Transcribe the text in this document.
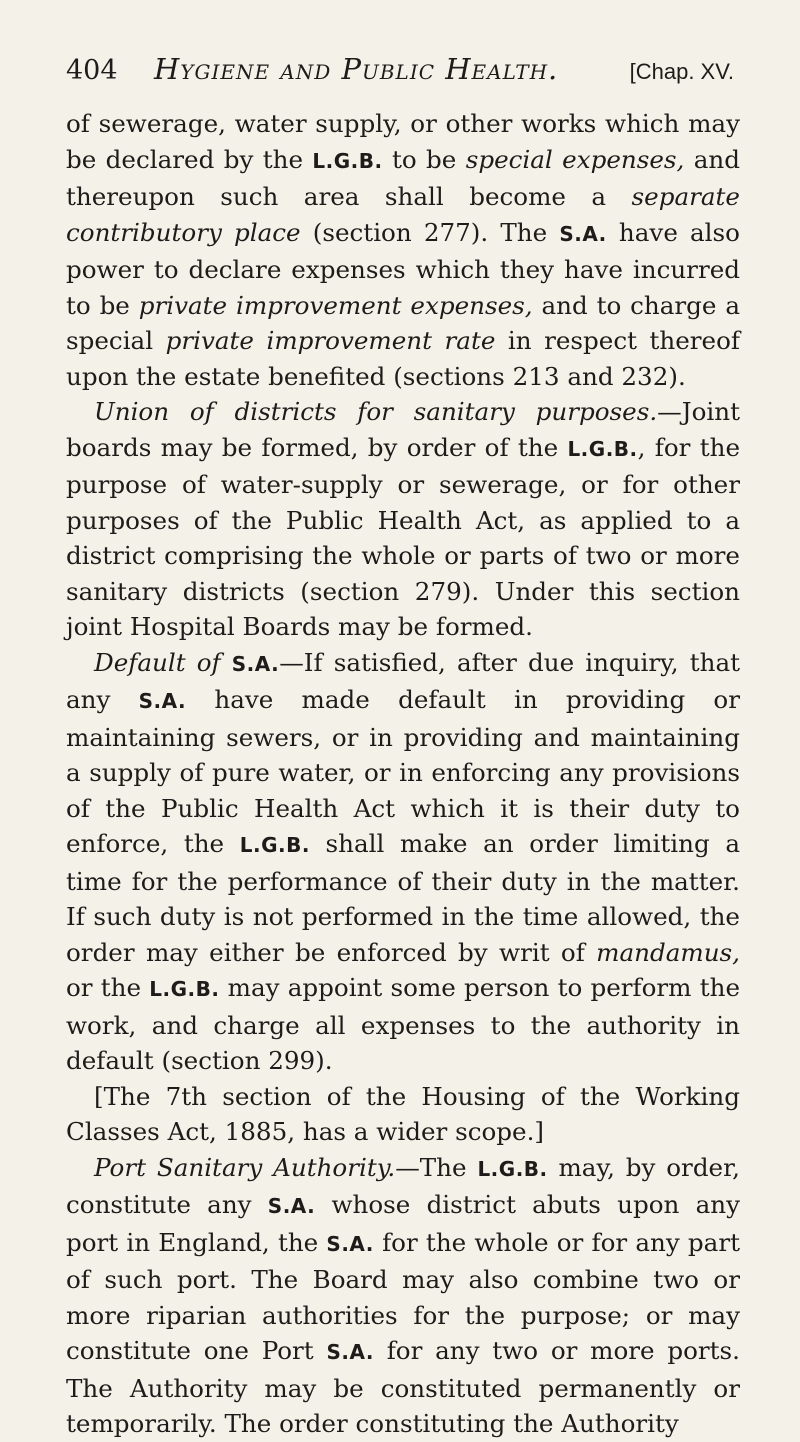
404	Hygiene and Public Health.	[Chap. XV.

of sewerage, water supply, or other works which may be declared by the L.G.B. to be special expenses, and thereupon such area shall become a separate contributory place (section 277). The S.A. have also power to declare expenses which they have incurred to be private improvement expenses, and to charge a special private improvement rate in respect thereof upon the estate benefited (sections 213 and 232).

Union of districts for sanitary purposes.—Joint boards may be formed, by order of the L.G.B., for the purpose of water-supply or sewerage, or for other purposes of the Public Health Act, as applied to a district comprising the whole or parts of two or more sanitary districts (section 279). Under this section joint Hospital Boards may be formed.

Default of S.A.—If satisfied, after due inquiry, that any S.A. have made default in providing or maintaining sewers, or in providing and maintaining a supply of pure water, or in enforcing any provisions of the Public Health Act which it is their duty to enforce, the L.G.B. shall make an order limiting a time for the performance of their duty in the matter. If such duty is not performed in the time allowed, the order may either be enforced by writ of mandamus, or the L.G.B. may appoint some person to perform the work, and charge all expenses to the authority in default (section 299).

[The 7th section of the Housing of the Working Classes Act, 1885, has a wider scope.]

Port Sanitary Authority.—The L.G.B. may, by order, constitute any S.A. whose district abuts upon any port in England, the S.A. for the whole or for any part of such port. The Board may also combine two or more riparian authorities for the purpose; or may constitute one Port S.A. for any two or more ports. The Authority may be constituted permanently or temporarily. The order constituting the Authority
